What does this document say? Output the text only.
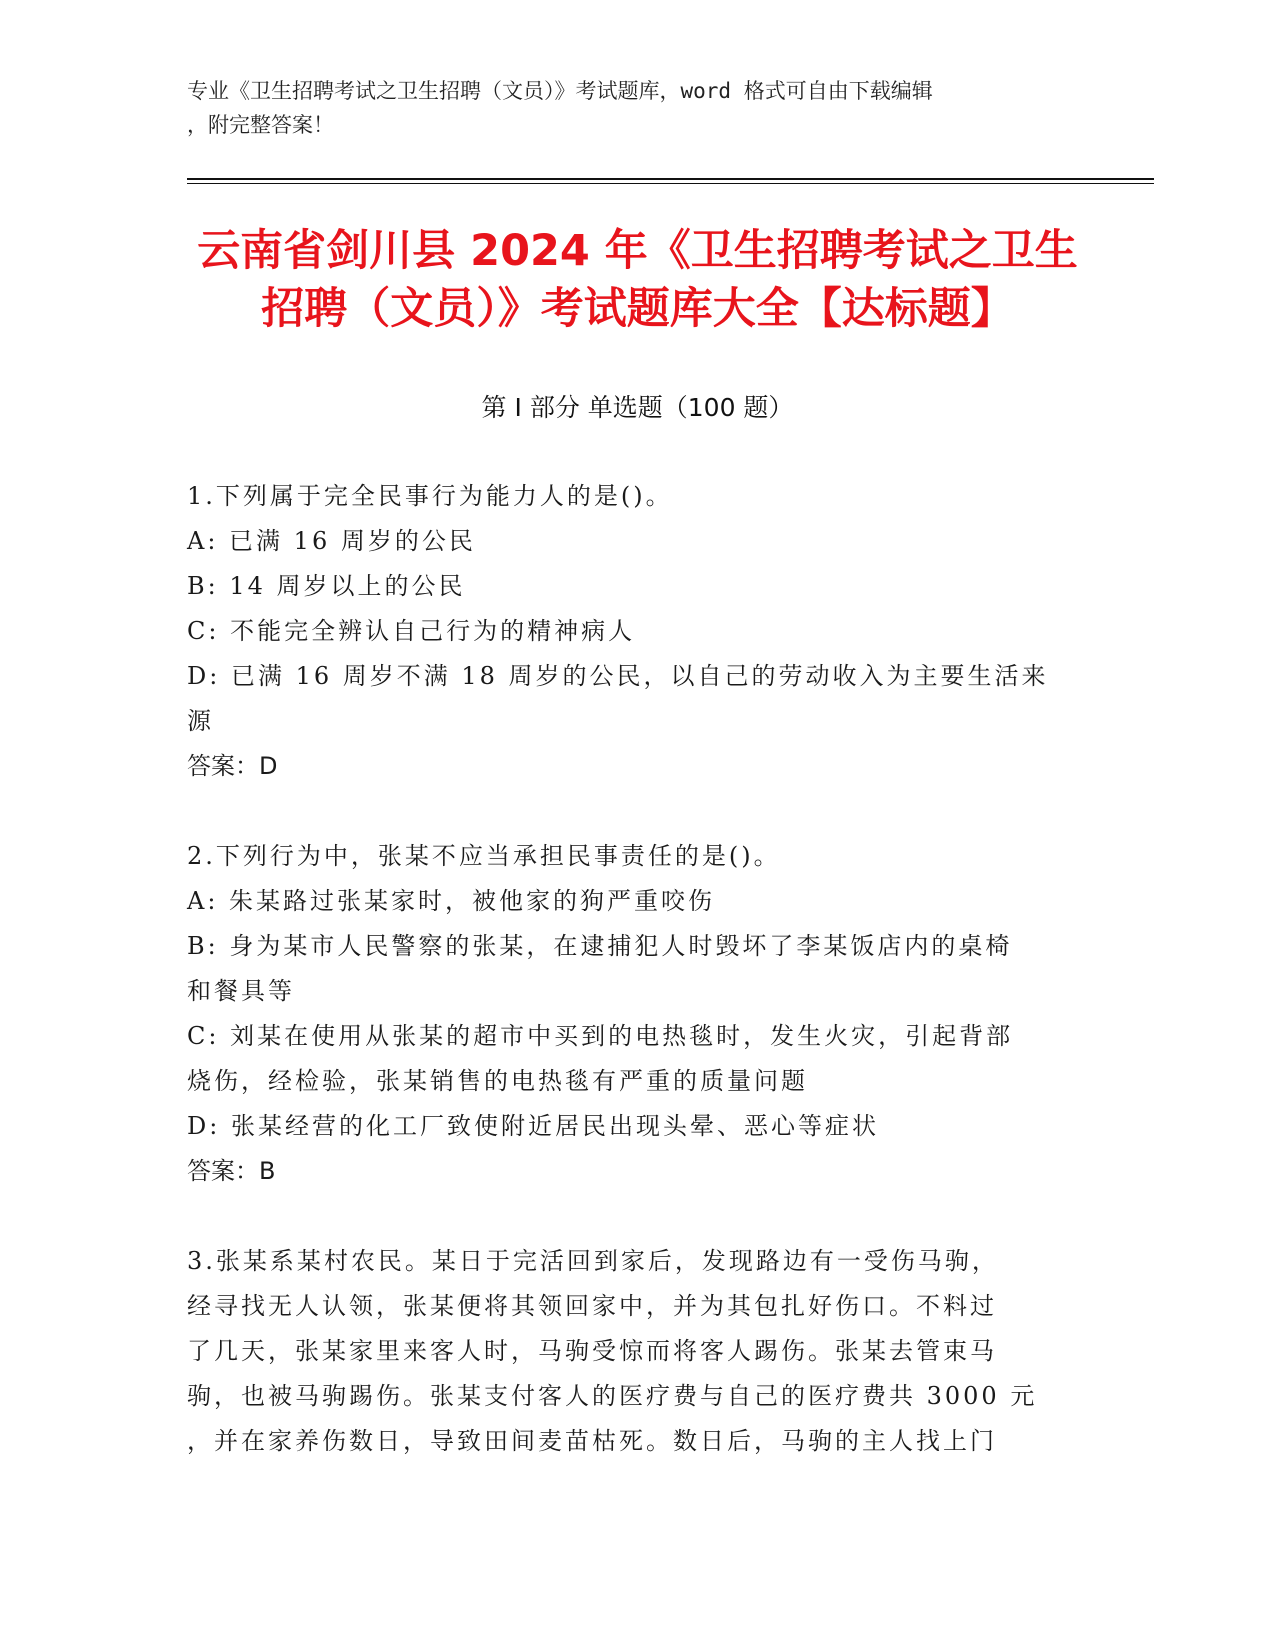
专业《卫生招聘考试之卫生招聘（文员）》考试题库，word 格式可自由下载编辑
，附完整答案！
云南省剑川县 2024 年《卫生招聘考试之卫生
招聘（文员）》考试题库大全【达标题】
第 I 部分 单选题（100 题）
1.下列属于完全民事行为能力人的是()。
A: 已满 16 周岁的公民
B: 14 周岁以上的公民
C: 不能完全辨认自己行为的精神病人
D: 已满 16 周岁不满 18 周岁的公民，以自己的劳动收入为主要生活来
源
答案：D
2.下列行为中，张某不应当承担民事责任的是()。
A: 朱某路过张某家时，被他家的狗严重咬伤
B: 身为某市人民警察的张某，在逮捕犯人时毁坏了李某饭店内的桌椅
和餐具等
C: 刘某在使用从张某的超市中买到的电热毯时，发生火灾，引起背部
烧伤，经检验，张某销售的电热毯有严重的质量问题
D: 张某经营的化工厂致使附近居民出现头晕、恶心等症状
答案：B
3.张某系某村农民。某日于完活回到家后，发现路边有一受伤马驹，
经寻找无人认领，张某便将其领回家中，并为其包扎好伤口。不料过
了几天，张某家里来客人时，马驹受惊而将客人踢伤。张某去管束马
驹，也被马驹踢伤。张某支付客人的医疗费与自己的医疗费共 3000 元
，并在家养伤数日，导致田间麦苗枯死。数日后，马驹的主人找上门
